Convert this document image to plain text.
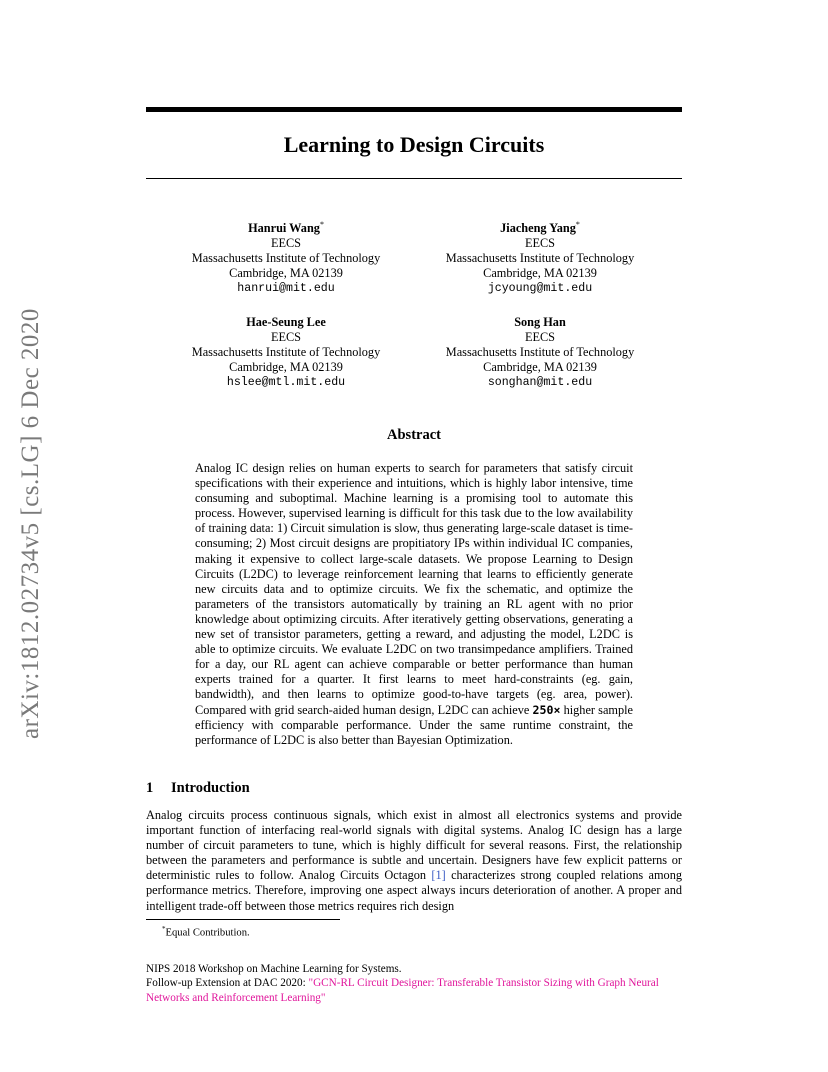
arXiv:1812.02734v5 [cs.LG] 6 Dec 2020
Learning to Design Circuits
Hanrui Wang*
EECS
Massachusetts Institute of Technology
Cambridge, MA 02139
hanrui@mit.edu
Jiacheng Yang*
EECS
Massachusetts Institute of Technology
Cambridge, MA 02139
jcyoung@mit.edu
Hae-Seung Lee
EECS
Massachusetts Institute of Technology
Cambridge, MA 02139
hslee@mtl.mit.edu
Song Han
EECS
Massachusetts Institute of Technology
Cambridge, MA 02139
songhan@mit.edu
Abstract
Analog IC design relies on human experts to search for parameters that satisfy circuit specifications with their experience and intuitions, which is highly labor intensive, time consuming and suboptimal. Machine learning is a promising tool to automate this process. However, supervised learning is difficult for this task due to the low availability of training data: 1) Circuit simulation is slow, thus generating large-scale dataset is time-consuming; 2) Most circuit designs are propitiatory IPs within individual IC companies, making it expensive to collect large-scale datasets. We propose Learning to Design Circuits (L2DC) to leverage reinforcement learning that learns to efficiently generate new circuits data and to optimize circuits. We fix the schematic, and optimize the parameters of the transistors automatically by training an RL agent with no prior knowledge about optimizing circuits. After iteratively getting observations, generating a new set of transistor parameters, getting a reward, and adjusting the model, L2DC is able to optimize circuits. We evaluate L2DC on two transimpedance amplifiers. Trained for a day, our RL agent can achieve comparable or better performance than human experts trained for a quarter. It first learns to meet hard-constraints (eg. gain, bandwidth), and then learns to optimize good-to-have targets (eg. area, power). Compared with grid search-aided human design, L2DC can achieve 250× higher sample efficiency with comparable performance. Under the same runtime constraint, the performance of L2DC is also better than Bayesian Optimization.
1 Introduction
Analog circuits process continuous signals, which exist in almost all electronics systems and provide important function of interfacing real-world signals with digital systems. Analog IC design has a large number of circuit parameters to tune, which is highly difficult for several reasons. First, the relationship between the parameters and performance is subtle and uncertain. Designers have few explicit patterns or deterministic rules to follow. Analog Circuits Octagon [1] characterizes strong coupled relations among performance metrics. Therefore, improving one aspect always incurs deterioration of another. A proper and intelligent trade-off between those metrics requires rich design
*Equal Contribution.
NIPS 2018 Workshop on Machine Learning for Systems.
Follow-up Extension at DAC 2020: "GCN-RL Circuit Designer: Transferable Transistor Sizing with Graph Neural Networks and Reinforcement Learning"
